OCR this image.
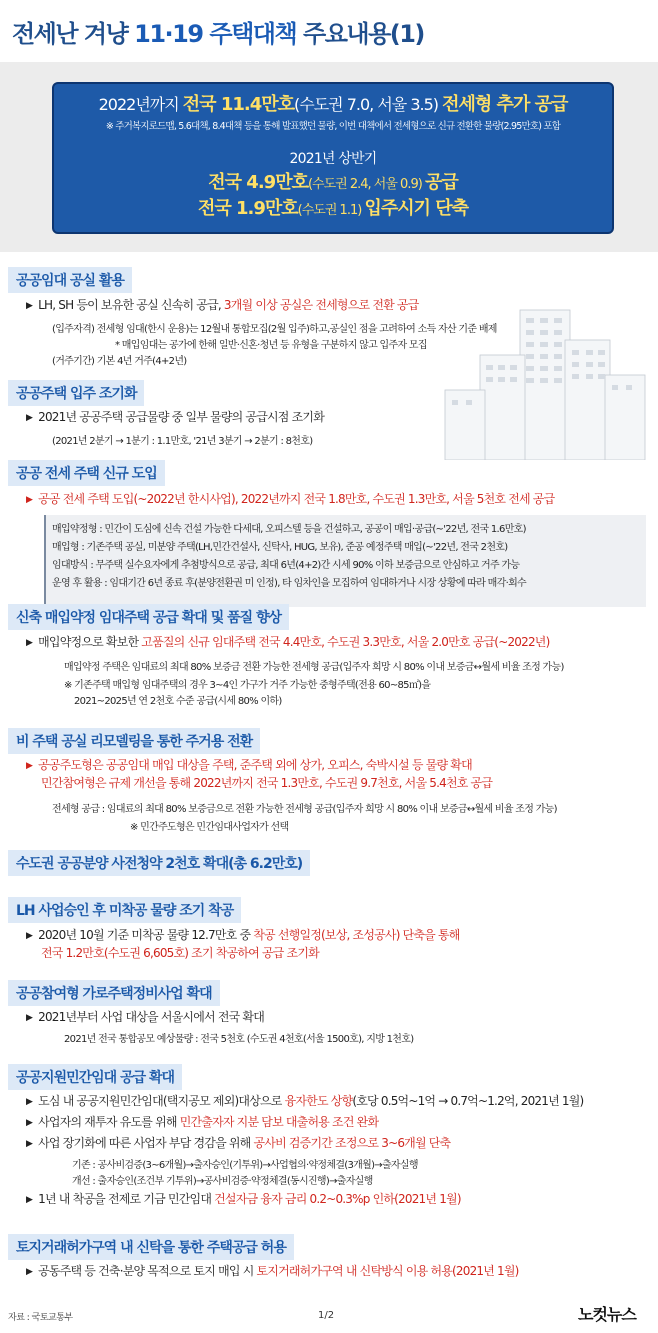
전세난 겨냥 11·19 주택대책 주요내용(1)
2022년까지 전국 11.4만호(수도권 7.0, 서울 3.5) 전세형 추가 공급
※ 주거복지로드맵, 5.6대책, 8.4대책 등을 통해 발표했던 물량, 이번 대책에서 전세형으로 신규 전환한 물량(2.95만호) 포함
2021년 상반기
전국 4.9만호(수도권 2.4, 서울 0.9) 공급
전국 1.9만호(수도권 1.1) 입주시기 단축
공공임대 공실 활용
▶ LH, SH 등이 보유한 공실 신속히 공급, 3개월 이상 공실은 전세형으로 전환 공급
(입주자격) 전세형 임대(한시 운용)는 12월내 통합모집(2월 입주)하고,공실인 점을 고려하여 소득 자산 기준 배제
* 매입임대는 공가에 한해 일반·신혼·청년 등 유형을 구분하지 않고 입주자 모집
(거주기간) 기본 4년 거주(4+2년)
공공주택 입주 조기화
▶ 2021년 공공주택 공급물량 중 일부 물량의 공급시점 조기화
(2021년 2분기 → 1분기 : 1.1만호, '21년 3분기 → 2분기 : 8천호)
공공 전세 주택 신규 도입
▶ 공공 전세 주택 도입(~2022년 한시사업), 2022년까지 전국 1.8만호, 수도권 1.3만호, 서울 5천호 전세 공급
매입약정형 : 민간이 도심에 신속 건설 가능한 다세대, 오피스텔 등을 건설하고, 공공이 매입·공급(~'22년, 전국 1.6만호)
매입형 : 기존주택 공실, 미분양 주택(LH,민간건설사, 신탁사, HUG, 보유), 준공 예정주택 매입(~'22년, 전국 2천호)
임대방식 : 무주택 실수요자에게 추첨방식으로 공급, 최대 6년(4+2)간 시세 90% 이하 보증금으로 안심하고 거주 가능
운영 후 활용 : 임대기간 6년 종료 후(분양전환권 미 인정), 타 임차인을 모집하여 임대하거나 시장 상황에 따라 매각·회수
신축 매입약정 임대주택 공급 확대 및 품질 향상
▶ 매입약정으로 확보한 고품질의 신규 임대주택 전국 4.4만호, 수도권 3.3만호, 서울 2.0만호 공급(~2022년)
매입약정 주택은 임대료의 최대 80% 보증금 전환 가능한 전세형 공급(입주자 희망 시 80% 이내 보증금↔월세 비율 조정 가능)
※ 기존주택 매입형 임대주택의 경우 3~4인 가구가 거주 가능한 중형주택(전용 60~85㎡)을
2021~2025년 연 2천호 수준 공급(시세 80% 이하)
비 주택 공실 리모델링을 통한 주거용 전환
▶ 공공주도형은 공공임대 매입 대상을 주택, 준주택 외에 상가, 오피스, 숙박시설 등 물량 확대
민간참여형은 규제 개선을 통해 2022년까지 전국 1.3만호, 수도권 9.7천호, 서울 5.4천호 공급
전세형 공급 : 임대료의 최대 80% 보증금으로 전환 가능한 전세형 공급(입주자 희망 시 80% 이내 보증금↔월세 비율 조정 가능)
※ 민간주도형은 민간임대사업자가 선택
수도권 공공분양 사전청약 2천호 확대(총 6.2만호)
LH 사업승인 후 미착공 물량 조기 착공
▶ 2020년 10월 기준 미착공 물량 12.7만호 중 착공 선행일정(보상, 조성공사) 단축을 통해
전국 1.2만호(수도권 6,605호) 조기 착공하여 공급 조기화
공공참여형 가로주택정비사업 확대
▶ 2021년부터 사업 대상을 서울시에서 전국 확대
2021년 전국 통합공모 예상물량 : 전국 5천호 (수도권 4천호(서울 1500호), 지방 1천호)
공공지원민간임대 공급 확대
▶ 도심 내 공공지원민간임대(택지공모 제외)대상으로 융자한도 상향(호당 0.5억~1억 → 0.7억~1.2억, 2021년 1월)
▶ 사업자의 재투자 유도를 위해 민간출자자 지분 담보 대출허용 조건 완화
▶ 사업 장기화에 따른 사업자 부담 경감을 위해 공사비 검증기간 조정으로 3~6개월 단축
기존 : 공사비검증(3~6개월)→출자승인(기투위)→사업협의·약정체결(3개월)→출자실행
개선 : 출자승인(조건부 기투위)→공사비검증·약정체결(동시진행)→출자실행
▶ 1년 내 착공을 전제로 기금 민간임대 건설자금 융자 금리 0.2~0.3%p 인하(2021년 1월)
토지거래허가구역 내 신탁을 통한 주택공급 허용
▶ 공동주택 등 건축·분양 목적으로 토지 매입 시 토지거래허가구역 내 신탁방식 이용 허용(2021년 1월)
자료 : 국토교통부	1/2	노컷뉴스
